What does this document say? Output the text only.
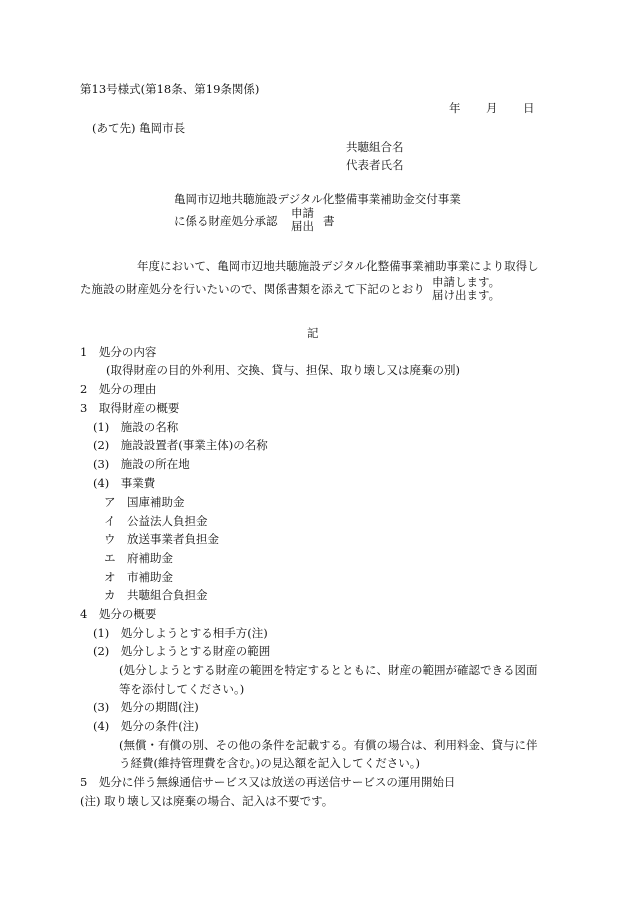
第13号様式(第18条、第19条関係)
年 月 日
(あて先) 亀岡市長
共聴組合名
代表者氏名
亀岡市辺地共聴施設デジタル化整備事業補助金交付事業
に係る財産処分承認
申請
届出 書
年度において、亀岡市辺地共聴施設デジタル化整備事業補助事業により取得し
た施設の財産処分を行いたいので、関係書類を添えて下記のとおり 申請します。
届け出ます。
記
1　処分の内容
(取得財産の目的外利用、交換、貸与、担保、取り壊し又は廃棄の別)
2　処分の理由
3　取得財産の概要
(1)　施設の名称
(2)　施設設置者(事業主体)の名称
(3)　施設の所在地
(4)　事業費
ア　国庫補助金
イ　公益法人負担金
ウ　放送事業者負担金
エ　府補助金
オ　市補助金
カ　共聴組合負担金
4　処分の概要
(1)　処分しようとする相手方(注)
(2)　処分しようとする財産の範囲
(処分しようとする財産の範囲を特定するとともに、財産の範囲が確認できる図面
等を添付してください。)
(3)　処分の期間(注)
(4)　処分の条件(注)
(無償・有償の別、その他の条件を記載する。有償の場合は、利用料金、貸与に伴
う経費(維持管理費を含む。)の見込額を記入してください。)
5　処分に伴う無線通信サービス又は放送の再送信サービスの運用開始日
(注) 取り壊し又は廃棄の場合、記入は不要です。
